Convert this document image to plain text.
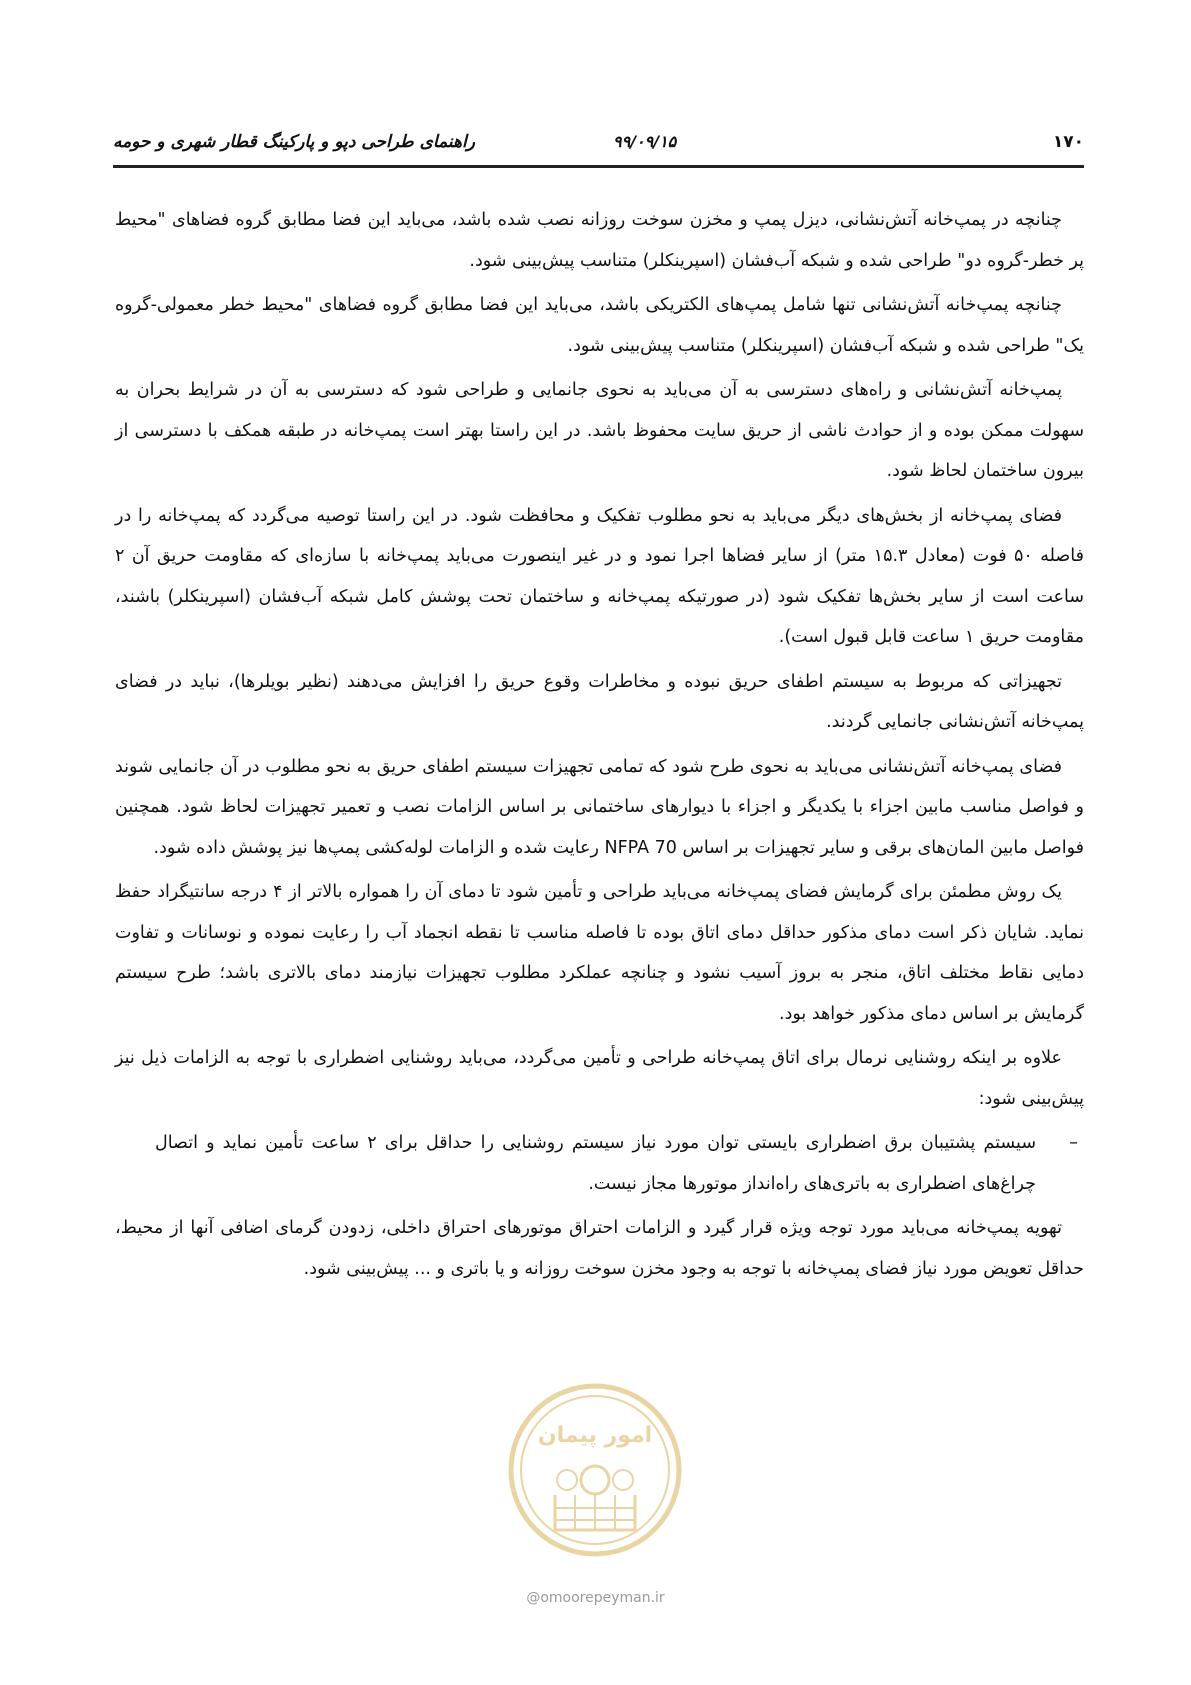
۱۷۰
۹۹/۰۹/۱۵
راهنمای طراحی دپو و پارکینگ قطار شهری و حومه

چنانچه در پمپ‌خانه آتش‌نشانی، دیزل پمپ و مخزن سوخت روزانه نصب شده باشد، می‌باید این فضا مطابق گروه فضاهای "محیط پر خطر-گروه دو" طراحی شده و شبکه آب‌فشان (اسپرینکلر) متناسب پیش‌بینی شود.

چنانچه پمپ‌خانه آتش‌نشانی تنها شامل پمپ‌های الکتریکی باشد، می‌باید این فضا مطابق گروه فضاهای "محیط خطر معمولی-گروه یک" طراحی شده و شبکه آب‌فشان (اسپرینکلر) متناسب پیش‌بینی شود.

پمپ‌خانه آتش‌نشانی و راه‌های دسترسی به آن می‌باید به نحوی جانمایی و طراحی شود که دسترسی به آن در شرایط بحران به سهولت ممکن بوده و از حوادث ناشی از حریق سایت محفوظ باشد. در این راستا بهتر است پمپ‌خانه در طبقه همکف با دسترسی از بیرون ساختمان لحاظ شود.

فضای پمپ‌خانه از بخش‌های دیگر می‌باید به نحو مطلوب تفکیک و محافظت شود. در این راستا توصیه می‌گردد که پمپ‌خانه را در فاصله ۵۰ فوت (معادل ۱۵.۳ متر) از سایر فضاها اجرا نمود و در غیر اینصورت می‌باید پمپ‌خانه با سازه‌ای که مقاومت حریق آن ۲ ساعت است از سایر بخش‌ها تفکیک شود (در صورتیکه پمپ‌خانه و ساختمان تحت پوشش کامل شبکه آب‌فشان (اسپرینکلر) باشند، مقاومت حریق ۱ ساعت قابل قبول است).

تجهیزاتی که مربوط به سیستم اطفای حریق نبوده و مخاطرات وقوع حریق را افزایش می‌دهند (نظیر بویلرها)، نباید در فضای پمپ‌خانه آتش‌نشانی جانمایی گردند.

فضای پمپ‌خانه آتش‌نشانی می‌باید به نحوی طرح شود که تمامی تجهیزات سیستم اطفای حریق به نحو مطلوب در آن جانمایی شوند و فواصل مناسب مابین اجزاء با یکدیگر و اجزاء با دیوارهای ساختمانی بر اساس الزامات نصب و تعمیر تجهیزات لحاظ شود. همچنین فواصل مابین المان‌های برقی و سایر تجهیزات بر اساس NFPA 70 رعایت شده و الزامات لوله‌کشی پمپ‌ها نیز پوشش داده شود.

یک روش مطمئن برای گرمایش فضای پمپ‌خانه می‌باید طراحی و تأمین شود تا دمای آن را همواره بالاتر از ۴ درجه سانتیگراد حفظ نماید. شایان ذکر است دمای مذکور حداقل دمای اتاق بوده تا فاصله مناسب تا نقطه انجماد آب را رعایت نموده و نوسانات و تفاوت دمایی نقاط مختلف اتاق، منجر به بروز آسیب نشود و چنانچه عملکرد مطلوب تجهیزات نیازمند دمای بالاتری باشد؛ طرح سیستم گرمایش بر اساس دمای مذکور خواهد بود.

علاوه بر اینکه روشنایی نرمال برای اتاق پمپ‌خانه طراحی و تأمین می‌گردد، می‌باید روشنایی اضطراری با توجه به الزامات ذیل نیز پیش‌بینی شود:

–
سیستم پشتیبان برق اضطراری بایستی توان مورد نیاز سیستم روشنایی را حداقل برای ۲ ساعت تأمین نماید و اتصال چراغ‌های اضطراری به باتری‌های راه‌انداز موتورها مجاز نیست.

تهویه پمپ‌خانه می‌باید مورد توجه ویژه قرار گیرد و الزامات احتراق موتورهای احتراق داخلی، زدودن گرمای اضافی آنها از محیط، حداقل تعویض مورد نیاز فضای پمپ‌خانه با توجه به وجود مخزن سوخت روزانه و یا باتری و ... پیش‌بینی شود.

امور پیمان
@omoorepeyman.ir
